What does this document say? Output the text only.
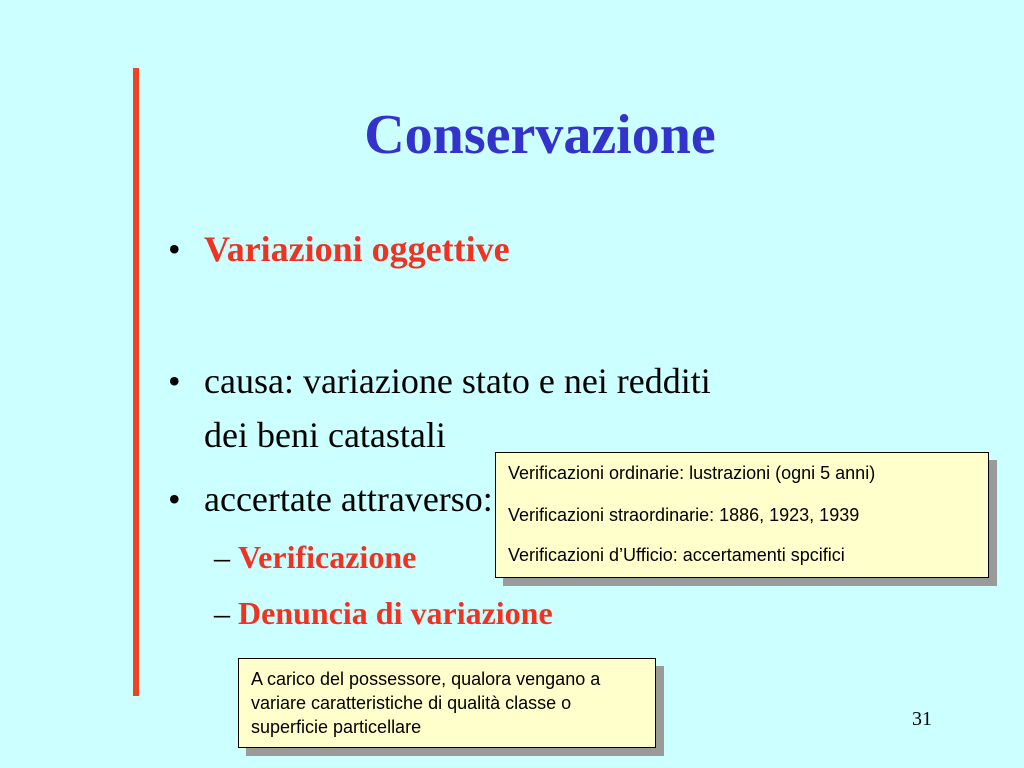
Conservazione
• Variazioni oggettive
• causa: variazione stato e nei redditi
dei beni catastali
• accertate attraverso:
– Verificazione
– Denuncia di variazione
Verificazioni ordinarie: lustrazioni (ogni 5 anni)
Verificazioni straordinarie: 1886, 1923, 1939
Verificazioni d’Ufficio: accertamenti spcifici
A carico del possessore, qualora vengano a variare caratteristiche di qualità classe o superficie particellare	31
